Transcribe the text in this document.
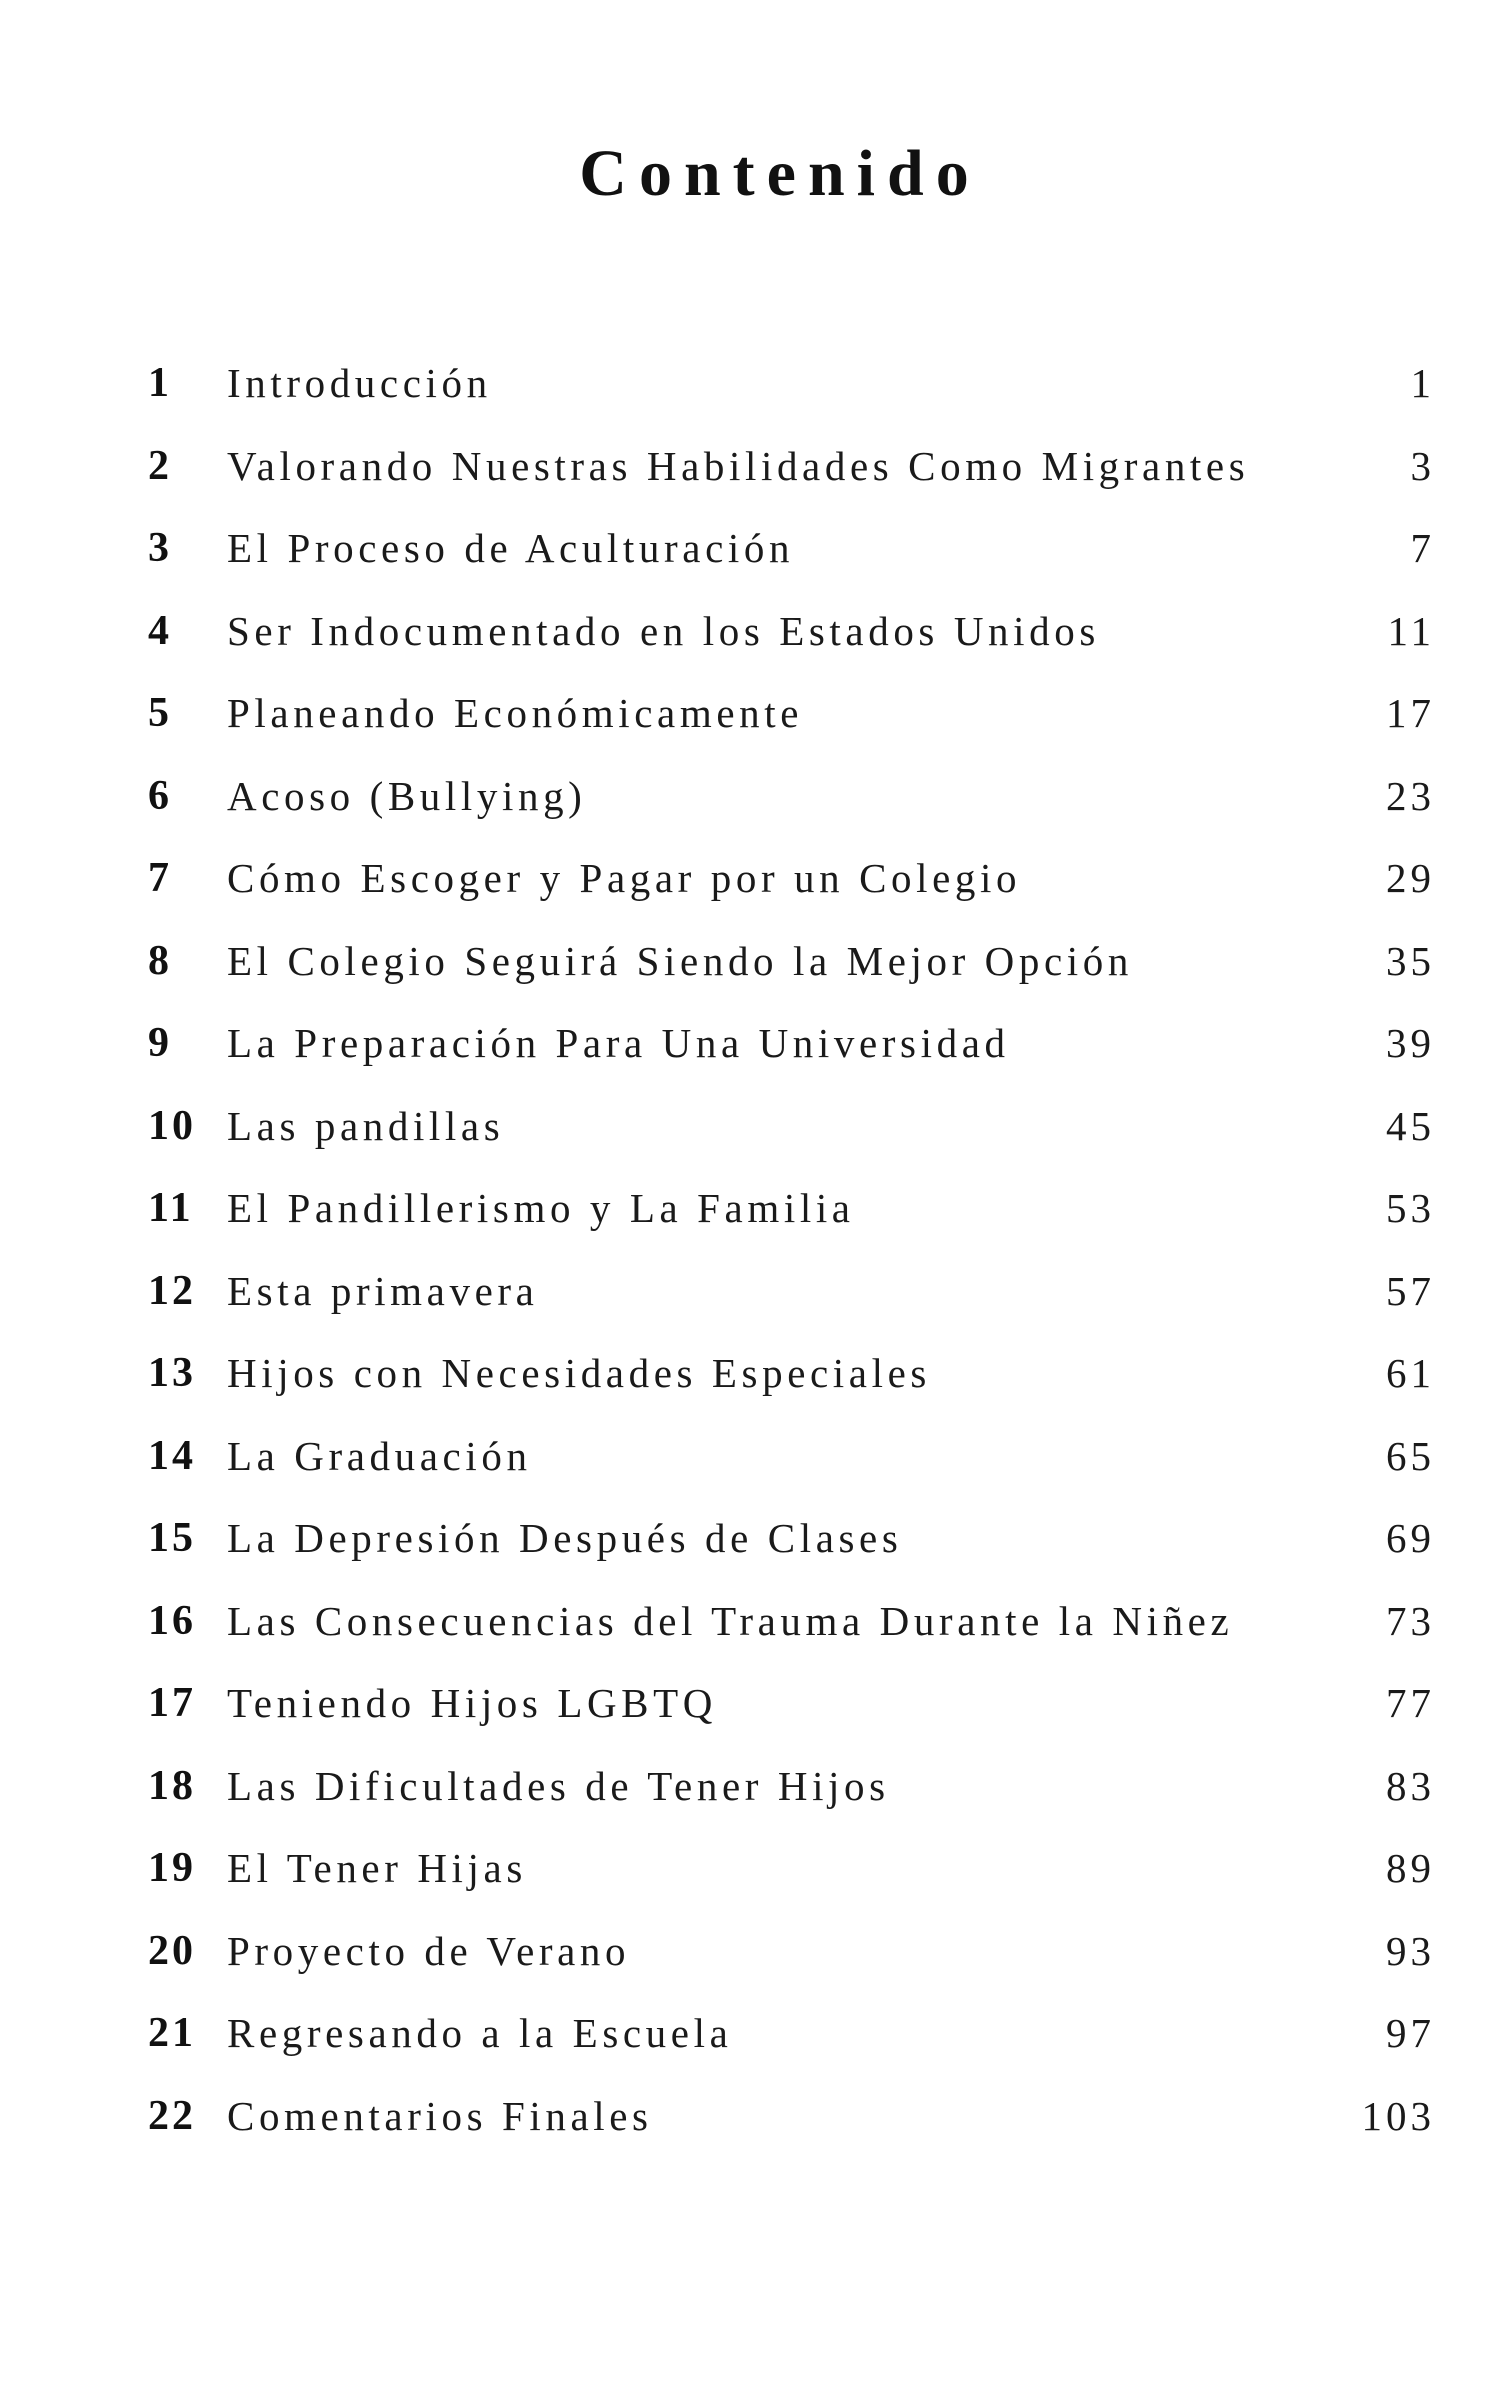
Contenido
1 Introducción	1
2 Valorando Nuestras Habilidades Como Migrantes	3
3 El Proceso de Aculturación	7
4 Ser Indocumentado en los Estados Unidos	11
5 Planeando Económicamente	17
6 Acoso (Bullying)	23
7 Cómo Escoger y Pagar por un Colegio	29
8 El Colegio Seguirá Siendo la Mejor Opción	35
9 La Preparación Para Una Universidad	39
10 Las pandillas	45
11 El Pandillerismo y La Familia	53
12 Esta primavera	57
13 Hijos con Necesidades Especiales	61
14 La Graduación	65
15 La Depresión Después de Clases	69
16 Las Consecuencias del Trauma Durante la Niñez	73
17 Teniendo Hijos LGBTQ	77
18 Las Dificultades de Tener Hijos	83
19 El Tener Hijas	89
20 Proyecto de Verano	93
21 Regresando a la Escuela	97
22 Comentarios Finales	103
